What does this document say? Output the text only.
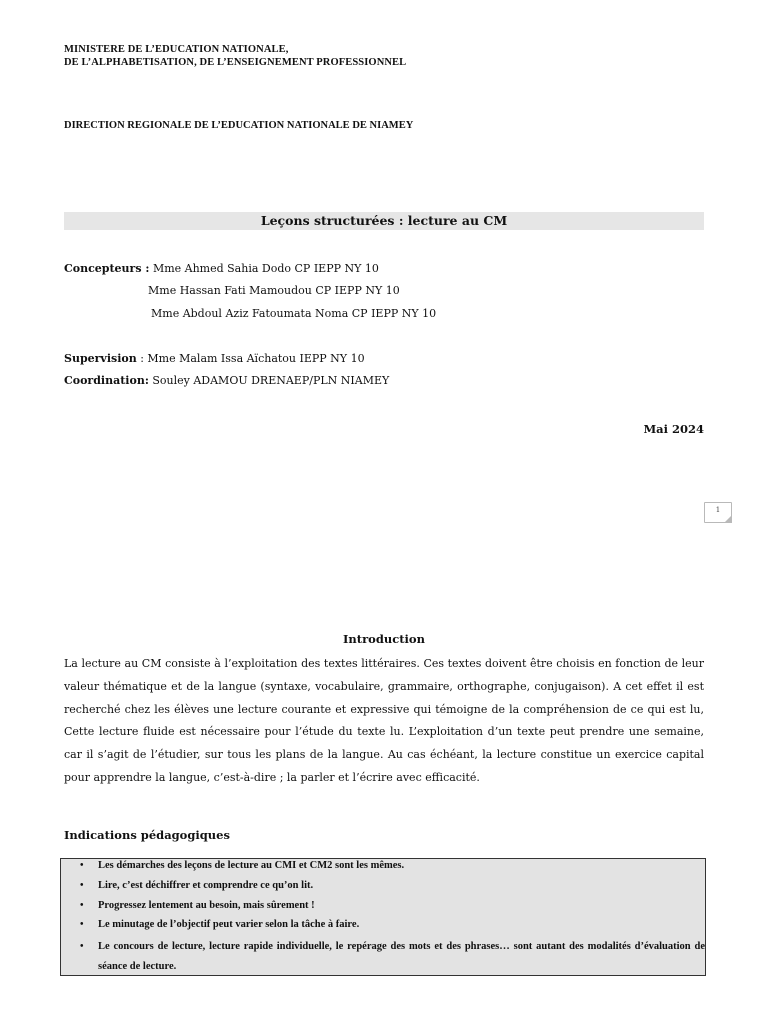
MINISTERE DE L’EDUCATION NATIONALE,
DE L’ALPHABETISATION, DE L’ENSEIGNEMENT PROFESSIONNEL
DIRECTION REGIONALE DE L’EDUCATION NATIONALE DE NIAMEY
Leçons structurées : lecture au CM
Concepteurs : Mme Ahmed Sahia Dodo CP IEPP NY 10
Mme Hassan Fati Mamoudou CP IEPP NY 10
Mme Abdoul Aziz Fatoumata Noma CP IEPP NY 10
Supervision : Mme Malam Issa Aïchatou IEPP NY 10
Coordination: Souley ADAMOU DRENAEP/PLN NIAMEY
Mai 2024
1
Introduction
La lecture au CM consiste à l’exploitation des textes littéraires. Ces textes doivent être choisis en fonction de leur valeur thématique et de la langue (syntaxe, vocabulaire, grammaire, orthographe, conjugaison). A cet effet il est recherché chez les élèves une lecture courante et expressive qui témoigne de la compréhension de ce qui est lu, Cette lecture fluide est nécessaire pour l’étude du texte lu. L’exploitation d’un texte peut prendre une semaine, car il s’agit de l’étudier, sur tous les plans de la langue. Au cas échéant, la lecture constitue un exercice capital pour apprendre la langue, c’est-à-dire ; la parler et l’écrire avec efficacité.
Indications pédagogiques
• Les démarches des leçons de lecture au CMI et CM2 sont les mêmes.
• Lire, c’est déchiffrer et comprendre ce qu’on lit.
• Progressez lentement au besoin, mais sûrement !
• Le minutage de l’objectif peut varier selon la tâche à faire.
• Le concours de lecture, lecture rapide individuelle, le repérage des mots et des phrases… sont autant des modalités d’évaluation de séance de lecture.
